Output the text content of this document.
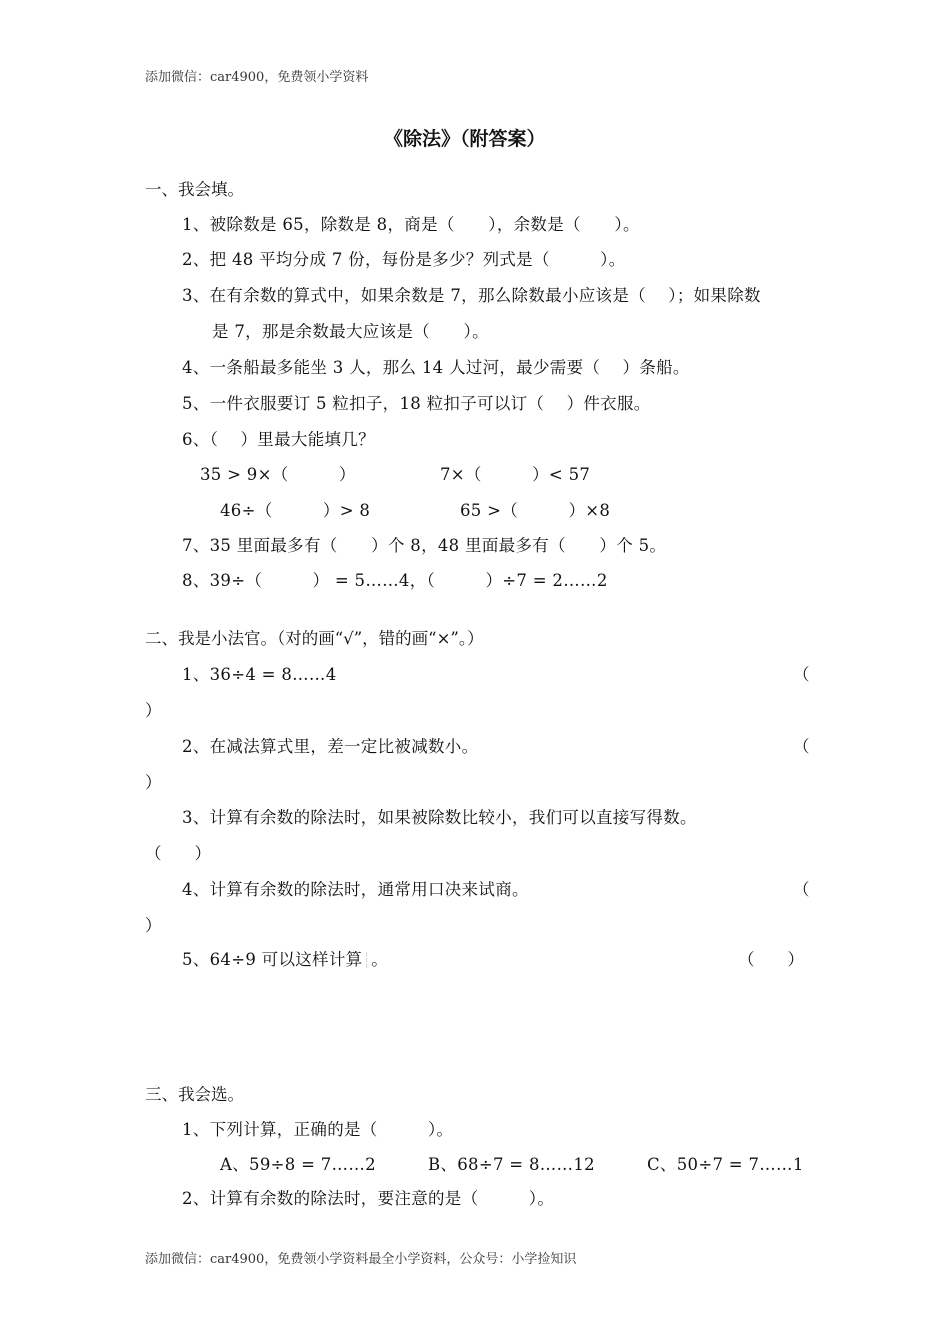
添加微信：car4900，免费领小学资料
《除法》（附答案）
一、我会填。
1、被除数是 65，除数是 8，商是（　　），余数是（　　）。
2、把 48 平均分成 7 份，每份是多少？列式是（　　　）。
3、在有余数的算式中，如果余数是 7，那么除数最小应该是（　 ）；如果除数
是 7，那是余数最大应该是（　　）。
4、一条船最多能坐 3 人，那么 14 人过河，最少需要（　 ）条船。
5、一件衣服要订 5 粒扣子，18 粒扣子可以订（　 ）件衣服。
6、（　 ）里最大能填几？
35 > 9×（　　　）	7×（　　　）< 57
46÷（　　　）> 8	65 >（　　　）×8
7、35 里面最多有（　　）个 8，48 里面最多有（　　）个 5。
8、39÷（　　　） = 5……4，（　　　）÷7 = 2……2
二、我是小法官。（对的画“√”，错的画“×”。）
1、36÷4 = 8……4	（
）
2、在减法算式里，差一定比被减数小。	（
）
3、计算有余数的除法时，如果被除数比较小，我们可以直接写得数。
（　　）
4、计算有余数的除法时，通常用口决来试商。	（
）
5、64÷9 可以这样计算┆。	（　　）
三、我会选。
1、下列计算，正确的是（　　　）。
A、59÷8 = 7……2	B、68÷7 = 8……12	C、50÷7 = 7……1
2、计算有余数的除法时，要注意的是（　　　）。
添加微信：car4900，免费领小学资料最全小学资料，公众号：小学捡知识
